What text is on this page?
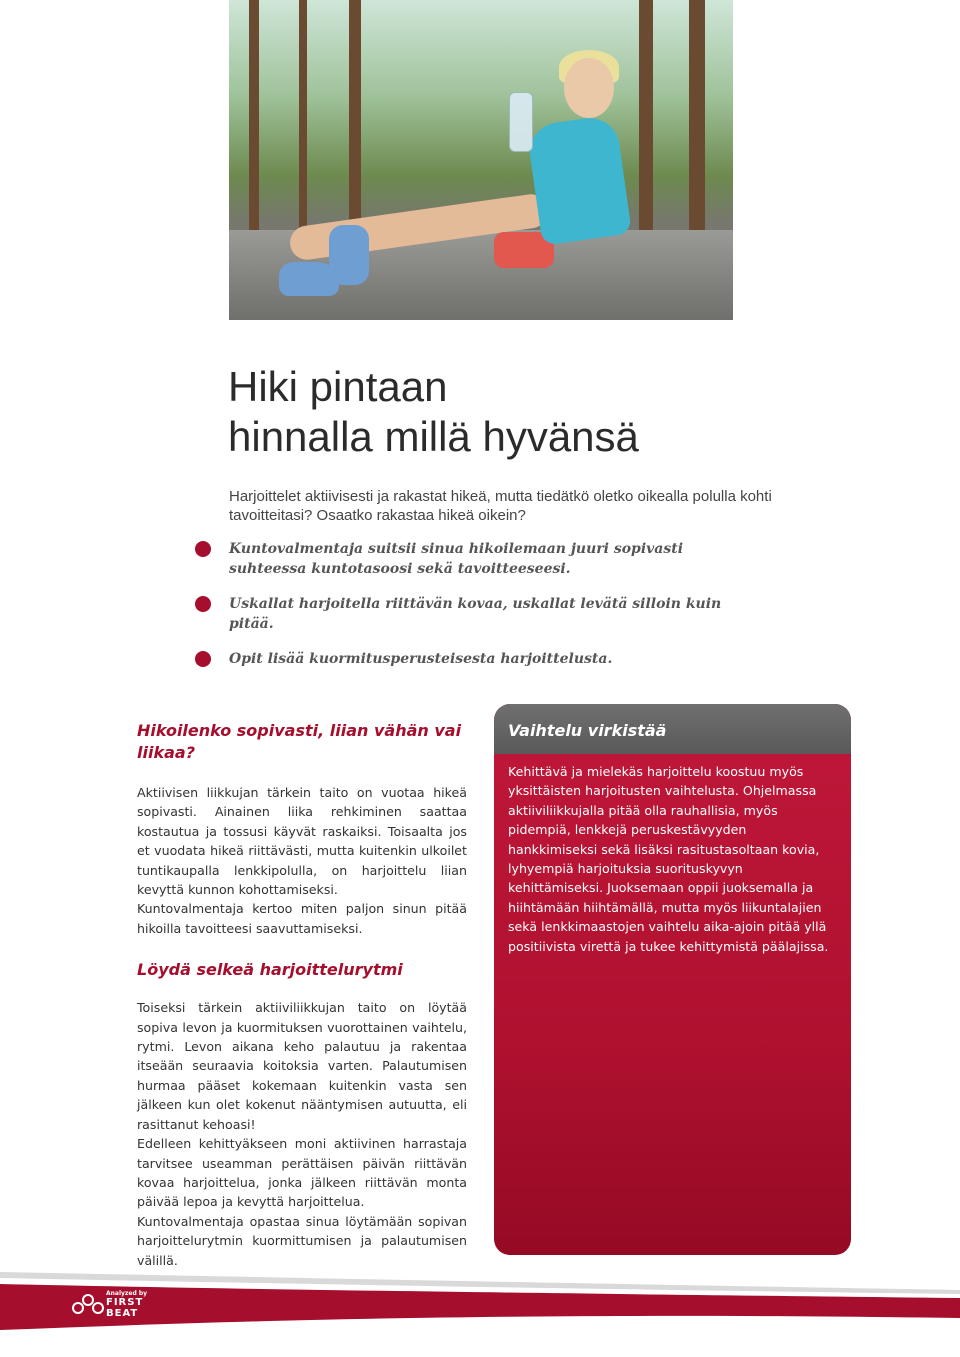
Hiki pintaan
hinnalla millä hyvänsä

Harjoittelet aktiivisesti ja rakastat hikeä, mutta tiedätkö oletko oikealla polulla kohti tavoitteitasi? Osaatko rakastaa hikeä oikein?

Kuntovalmentaja suitsii sinua hikoilemaan juuri sopivasti suhteessa kuntotasoosi sekä tavoitteeseesi.
Uskallat harjoitella riittävän kovaa, uskallat levätä silloin kuin pitää.
Opit lisää kuormitusperusteisesta harjoittelusta.
Hikoilenko sopivasti, liian vähän vai liikaa?

Aktiivisen liikkujan tärkein taito on vuotaa hikeä sopivasti. Ainainen liika rehkiminen saattaa kostautua ja tossusi käyvät raskaiksi. Toisaalta jos et vuodata hikeä riittävästi, mutta kuitenkin ulkoilet tuntikaupalla lenkkipolulla, on harjoittelu liian kevyttä kunnon kohottamiseksi.

Kuntovalmentaja kertoo miten paljon sinun pitää hikoilla tavoitteesi saavuttamiseksi.

Löydä selkeä harjoittelurytmi

Toiseksi tärkein aktiiviliikkujan taito on löytää sopiva levon ja kuormituksen vuorottainen vaihtelu, rytmi. Levon aikana keho palautuu ja rakentaa itseään seuraavia koitoksia varten. Palautumisen hurmaa pääset kokemaan kuitenkin vasta sen jälkeen kun olet kokenut nääntymisen autuutta, eli rasittanut kehoasi!

Edelleen kehittyäkseen moni aktiivinen harrastaja tarvitsee useamman perättäisen päivän riittävän kovaa harjoittelua, jonka jälkeen riittävän monta päivää lepoa ja kevyttä harjoittelua.

Kuntovalmentaja opastaa sinua löytämään sopivan harjoittelurytmin kuormittumisen ja palautumisen välillä.

Vaihtelu virkistää

Kehittävä ja mielekäs harjoittelu koostuu myös yksittäisten harjoitusten vaihtelusta. Ohjelmassa aktiiviliikkujalla pitää olla rauhallisia, myös pidempiä, lenkkejä peruskestävyyden hankkimiseksi sekä lisäksi rasitustasoltaan kovia, lyhyempiä harjoituksia suorituskyvyn kehittämiseksi. Juoksemaan oppii juoksemalla ja hiihtämään hiihtämällä, mutta myös liikuntalajien sekä lenkkimaastojen vaihtelu aika-ajoin pitää yllä positiivista virettä ja tukee kehittymistä päälajissa.

Analyzed by

FIRST
BEAT
